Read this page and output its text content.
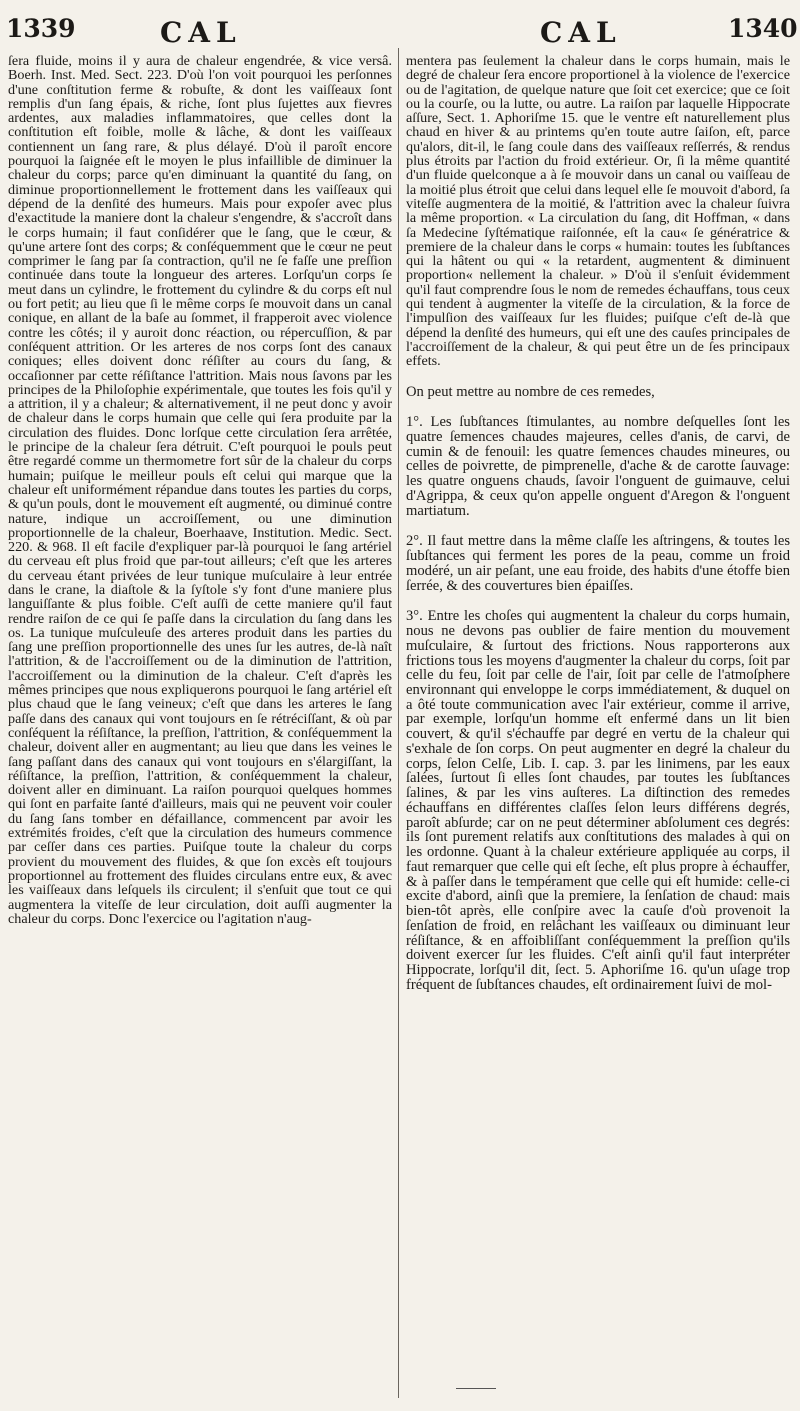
1339	CAL	CAL	1340

ſera fluide, moins il y aura de chaleur engendrée, & vice versâ. Boerh. Inst. Med. Sect. 223. D'où l'on voit pourquoi les perſonnes d'une conſtitution ferme & robuſte, & dont les vaiſſeaux ſont remplis d'un ſang épais, & riche, ſont plus ſujettes aux fievres ardentes, aux maladies inflammatoires, que celles dont la conſtitution eſt foible, molle & lâche, & dont les vaiſſeaux contiennent un ſang rare, & plus délayé. D'où il paroît encore pourquoi la ſaignée eſt le moyen le plus infaillible de diminuer la chaleur du corps; parce qu'en diminuant la quantité du ſang, on diminue proportionnellement le frottement dans les vaiſſeaux qui dépend de la denſité des humeurs. Mais pour expoſer avec plus d'exactitude la maniere dont la chaleur s'engendre, & s'accroît dans le corps humain; il faut conſidérer que le ſang, que le cœur, & qu'une artere ſont des corps; & conſéquemment que le cœur ne peut comprimer le ſang par ſa contraction, qu'il ne ſe faſſe une preſſion continuée dans toute la longueur des arteres. Lorſqu'un corps ſe meut dans un cylindre, le frottement du cylindre & du corps eſt nul ou fort petit; au lieu que ſi le même corps ſe mouvoit dans un canal conique, en allant de la baſe au ſommet, il frapperoit avec violence contre les côtés; il y auroit donc réaction, ou répercuſſion, & par conſéquent attrition. Or les arteres de nos corps ſont des canaux coniques; elles doivent donc réſiſter au cours du ſang, & occaſionner par cette réſiſtance l'attrition. Mais nous ſavons par les principes de la Philoſophie expérimentale, que toutes les fois qu'il y a attrition, il y a chaleur; & alternativement, il ne peut donc y avoir de chaleur dans le corps humain que celle qui ſera produite par la circulation des fluides. Donc lorſque cette circulation ſera arrêtée, le principe de la chaleur ſera détruit. C'eſt pourquoi le pouls peut être regardé comme un thermometre fort sûr de la chaleur du corps humain; puiſque le meilleur pouls eſt celui qui marque que la chaleur eſt uniformément répandue dans toutes les parties du corps, & qu'un pouls, dont le mouvement eſt augmenté, ou diminué contre nature, indique un accroiſſement, ou une diminution proportionnelle de la chaleur, Boerhaave, Institution. Medic. Sect. 220. & 968. Il eſt facile d'expliquer par-là pourquoi le ſang artériel du cerveau eſt plus froid que par-tout ailleurs; c'eſt que les arteres du cerveau étant privées de leur tunique muſculaire à leur entrée dans le crane, la diaſtole & la ſyſtole s'y font d'une maniere plus languiſſante & plus foible. C'eſt auſſi de cette maniere qu'il faut rendre raiſon de ce qui ſe paſſe dans la circulation du ſang dans les os. La tunique muſculeuſe des arteres produit dans les parties du ſang une preſſion proportionnelle des unes ſur les autres, de-là naît l'attrition, & de l'accroiſſement ou de la diminution de l'attrition, l'accroiſſement ou la diminution de la chaleur. C'eſt d'après les mêmes principes que nous expliquerons pourquoi le ſang artériel eſt plus chaud que le ſang veineux; c'eſt que dans les arteres le ſang paſſe dans des canaux qui vont toujours en ſe rétréciſſant, & où par conſéquent la réſiſtance, la preſſion, l'attrition, & conſéquemment la chaleur, doivent aller en augmentant; au lieu que dans les veines le ſang paſſant dans des canaux qui vont toujours en s'élargiſſant, la réſiſtance, la preſſion, l'attrition, & conſéquemment la chaleur, doivent aller en diminuant. La raiſon pourquoi quelques hommes qui ſont en parfaite ſanté d'ailleurs, mais qui ne peuvent voir couler du ſang ſans tomber en défaillance, commencent par avoir les extrémités froides, c'eſt que la circulation des humeurs commence par ceſſer dans ces parties. Puiſque toute la chaleur du corps provient du mouvement des fluides, & que ſon excès eſt toujours proportionnel au frottement des fluides circulans entre eux, & avec les vaiſſeaux dans leſquels ils circulent; il s'enſuit que tout ce qui augmentera la viteſſe de leur circulation, doit auſſi augmenter la chaleur du corps. Donc l'exercice ou l'agitation n'aug-

mentera pas ſeulement la chaleur dans le corps humain, mais le degré de chaleur ſera encore proportionel à la violence de l'exercice ou de l'agitation, de quelque nature que ſoit cet exercice; que ce ſoit ou la courſe, ou la lutte, ou autre. La raiſon par laquelle Hippocrate aſſure, Sect. 1. Aphoriſme 15. que le ventre eſt naturellement plus chaud en hiver & au printems qu'en toute autre ſaiſon, eſt, parce qu'alors, dit-il, le ſang coule dans des vaiſſeaux reſſerrés, & rendus plus étroits par l'action du froid extérieur. Or, ſi la même quantité d'un fluide quelconque a à ſe mouvoir dans un canal ou vaiſſeau de la moitié plus étroit que celui dans lequel elle ſe mouvoit d'abord, ſa viteſſe augmentera de la moitié, & l'attrition avec la chaleur ſuivra la même proportion. « La circulation du ſang, dit Hoffman, « dans ſa Medecine ſyſtématique raiſonnée, eſt la cau« ſe génératrice & premiere de la chaleur dans le corps « humain: toutes les ſubſtances qui la hâtent ou qui « la retardent, augmentent & diminuent proportion« nellement la chaleur. » D'où il s'enſuit évidemment qu'il faut comprendre ſous le nom de remedes échauffans, tous ceux qui tendent à augmenter la viteſſe de la circulation, & la force de l'impulſion des vaiſſeaux ſur les fluides; puiſque c'eſt de-là que dépend la denſité des humeurs, qui eſt une des cauſes principales de l'accroiſſement de la chaleur, & qui peut être un de ſes principaux effets.

On peut mettre au nombre de ces remedes,

1°. Les ſubſtances ſtimulantes, au nombre deſquelles ſont les quatre ſemences chaudes majeures, celles d'anis, de carvi, de cumin & de fenouil: les quatre ſemences chaudes mineures, ou celles de poivrette, de pimprenelle, d'ache & de carotte ſauvage: les quatre onguens chauds, ſavoir l'onguent de guimauve, celui d'Agrippa, & ceux qu'on appelle onguent d'Aregon & l'onguent martiatum.

2°. Il faut mettre dans la même claſſe les aſtringens, & toutes les ſubſtances qui ferment les pores de la peau, comme un froid modéré, un air peſant, une eau froide, des habits d'une étoffe bien ſerrée, & des couvertures bien épaiſſes.

3°. Entre les choſes qui augmentent la chaleur du corps humain, nous ne devons pas oublier de faire mention du mouvement muſculaire, & ſurtout des frictions. Nous rapporterons aux frictions tous les moyens d'augmenter la chaleur du corps, ſoit par celle du feu, ſoit par celle de l'air, ſoit par celle de l'atmoſphere environnant qui enveloppe le corps immédiatement, & duquel on a ôté toute communication avec l'air extérieur, comme il arrive, par exemple, lorſqu'un homme eſt enfermé dans un lit bien couvert, & qu'il s'échauffe par degré en vertu de la chaleur qui s'exhale de ſon corps. On peut augmenter en degré la chaleur du corps, ſelon Celſe, Lib. I. cap. 3. par les linimens, par les eaux ſalées, ſurtout ſi elles ſont chaudes, par toutes les ſubſtances ſalines, & par les vins auſteres. La diſtinction des remedes échauffans en différentes claſſes ſelon leurs différens degrés, paroît abſurde; car on ne peut déterminer abſolument ces degrés: ils ſont purement relatifs aux conſtitutions des malades à qui on les ordonne. Quant à la chaleur extérieure appliquée au corps, il faut remarquer que celle qui eſt ſeche, eſt plus propre à échauffer, & à paſſer dans le tempérament que celle qui eſt humide: celle-ci excite d'abord, ainſi que la premiere, la ſenſation de chaud: mais bien-tôt après, elle conſpire avec la cauſe d'où provenoit la ſenſation de froid, en relâchant les vaiſſeaux ou diminuant leur réſiſtance, & en affoibliſſant conſéquemment la preſſion qu'ils doivent exercer ſur les fluides. C'eſt ainſi qu'il faut interpréter Hippocrate, lorſqu'il dit, ſect. 5. Aphoriſme 16. qu'un uſage trop fréquent de ſubſtances chaudes, eſt ordinairement ſuivi de mol-
